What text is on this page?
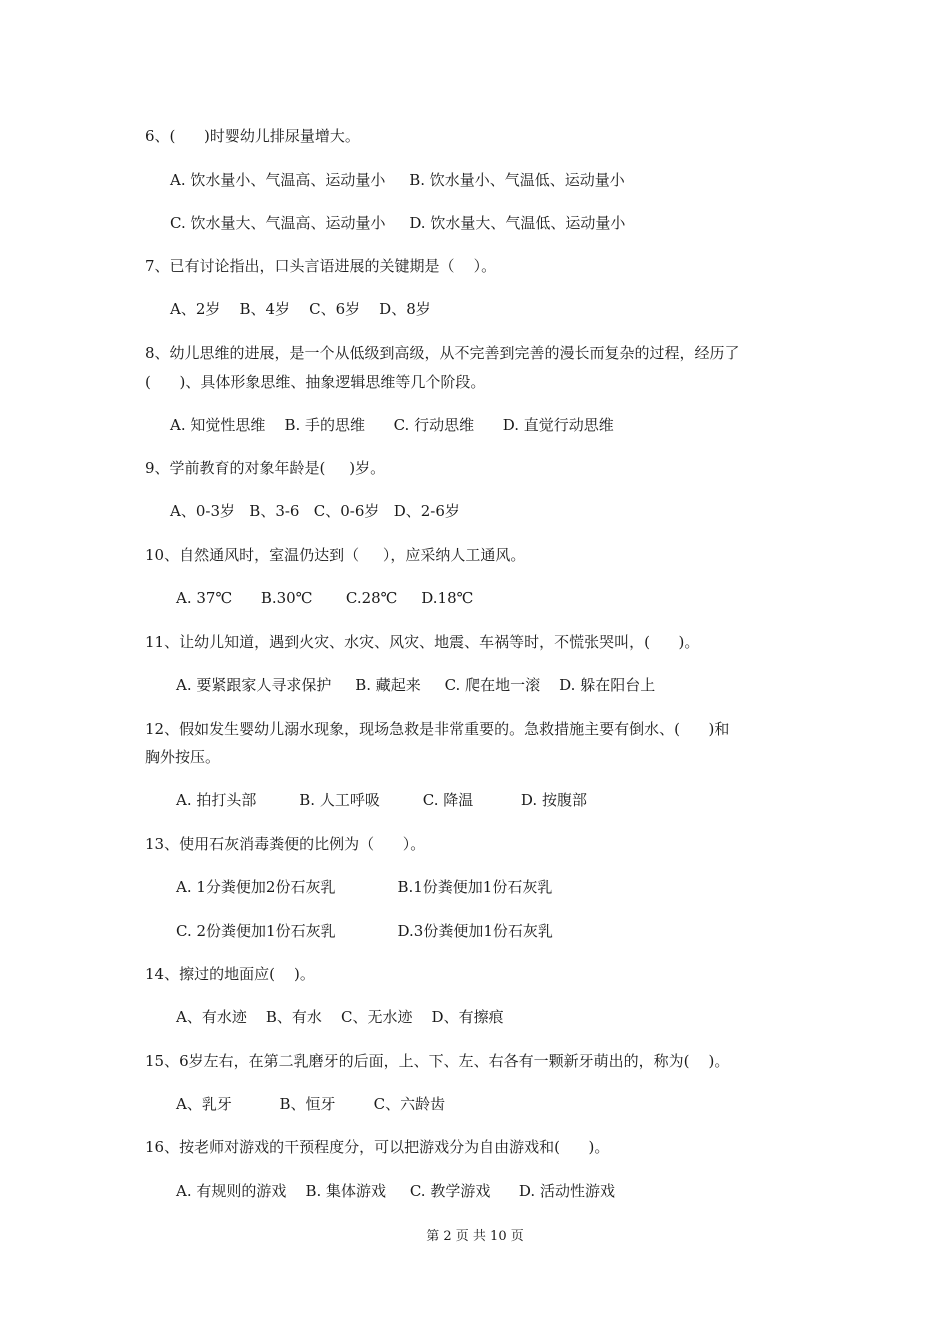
6、(      )时婴幼儿排尿量增大。
A. 饮水量小、气温高、运动量小     B. 饮水量小、气温低、运动量小
C. 饮水量大、气温高、运动量小     D. 饮水量大、气温低、运动量小
7、已有讨论指出，口头言语进展的关键期是（    ）。
A、2岁    B、4岁    C、6岁    D、8岁
8、幼儿思维的进展，是一个从低级到高级，从不完善到完善的漫长而复杂的过程，经历了
(      )、具体形象思维、抽象逻辑思维等几个阶段。
A. 知觉性思维    B. 手的思维      C. 行动思维      D. 直觉行动思维
9、学前教育的对象年龄是(     )岁。
A、0-3岁   B、3-6   C、0-6岁   D、2-6岁
10、自然通风时，室温仍达到（     ），应采纳人工通风。
A. 37℃      B.30℃       C.28℃     D.18℃
11、让幼儿知道，遇到火灾、水灾、风灾、地震、车祸等时，不慌张哭叫，(      )。
A. 要紧跟家人寻求保护     B. 藏起来     C. 爬在地一滚    D. 躲在阳台上
12、假如发生婴幼儿溺水现象，现场急救是非常重要的。急救措施主要有倒水、(      )和
胸外按压。
A. 拍打头部         B. 人工呼吸         C. 降温          D. 按腹部
13、使用石灰消毒粪便的比例为（      ）。
A. 1分粪便加2份石灰乳             B.1份粪便加1份石灰乳
C. 2份粪便加1份石灰乳             D.3份粪便加1份石灰乳
14、擦过的地面应(    )。
A、有水迹    B、有水    C、无水迹    D、有擦痕
15、6岁左右，在第二乳磨牙的后面，上、下、左、右各有一颗新牙萌出的，称为(    )。
A、乳牙          B、恒牙        C、六龄齿
16、按老师对游戏的干预程度分，可以把游戏分为自由游戏和(      )。
A. 有规则的游戏    B. 集体游戏     C. 教学游戏      D. 活动性游戏
第 2 页 共 10 页
